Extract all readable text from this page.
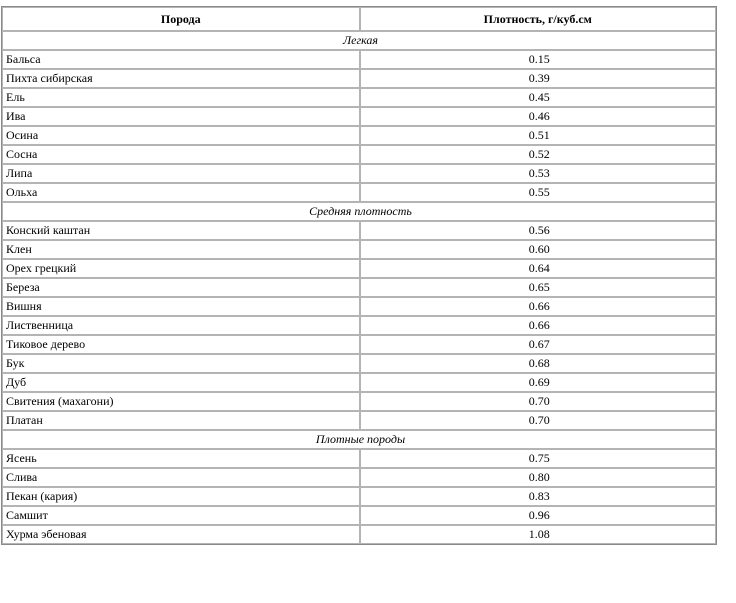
Порода	Плотность, г/куб.см
Легкая	
Бальса	0.15
Пихта сибирская	0.39
Ель	0.45
Ива	0.46
Осина	0.51
Сосна	0.52
Липа	0.53
Ольха	0.55
Средняя плотность	
Конский каштан	0.56
Клен	0.60
Орех грецкий	0.64
Береза	0.65
Вишня	0.66
Лиственница	0.66
Тиковое дерево	0.67
Бук	0.68
Дуб	0.69
Свитения (махагони)	0.70
Платан	0.70
Плотные породы	
Ясень	0.75
Слива	0.80
Пекан (кария)	0.83
Самшит	0.96
Хурма эбеновая	1.08
